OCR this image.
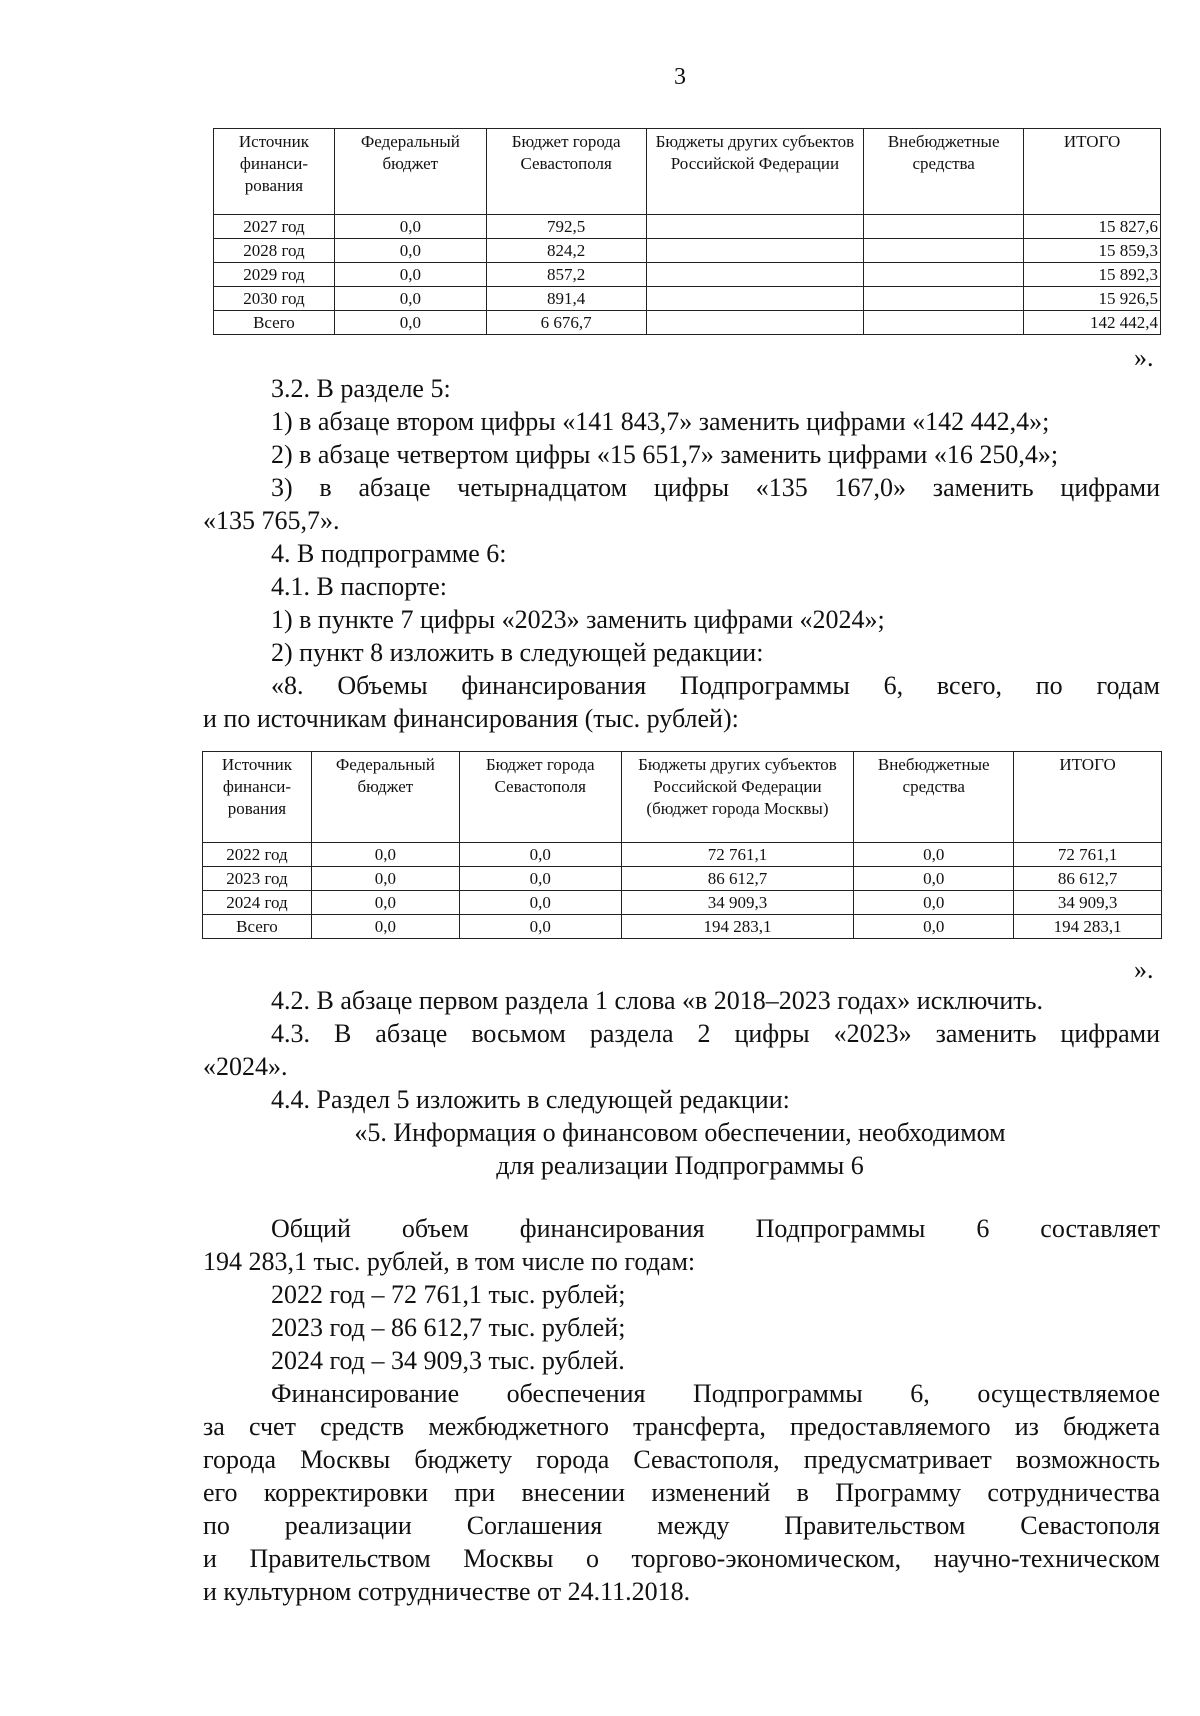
3
Источник финанси-рования	Федеральный бюджет	Бюджет города Севастополя	Бюджеты других субъектов Российской Федерации	Внебюджетные средства	ИТОГО
2027 год	0,0	792,5			15 827,6
2028 год	0,0	824,2			15 859,3
2029 год	0,0	857,2			15 892,3
2030 год	0,0	891,4			15 926,5
Всего	0,0	6 676,7			142 442,4
».
3.2. В разделе 5:
1) в абзаце втором цифры «141 843,7» заменить цифрами «142 442,4»;
2) в абзаце четвертом цифры «15 651,7» заменить цифрами «16 250,4»;
3) в абзаце четырнадцатом цифры «135 167,0» заменить цифрами
«135 765,7».
4. В подпрограмме 6:
4.1. В паспорте:
1) в пункте 7 цифры «2023» заменить цифрами «2024»;
2) пункт 8 изложить в следующей редакции:
«8. Объемы финансирования Подпрограммы 6, всего, по годам
и по источникам финансирования (тыс. рублей):
Источник финанси-рования	Федеральный бюджет	Бюджет города Севастополя	Бюджеты других субъектов Российской Федерации (бюджет города Москвы)	Внебюджетные средства	ИТОГО
2022 год	0,0	0,0	72 761,1	0,0	72 761,1
2023 год	0,0	0,0	86 612,7	0,0	86 612,7
2024 год	0,0	0,0	34 909,3	0,0	34 909,3
Всего	0,0	0,0	194 283,1	0,0	194 283,1
».
4.2. В абзаце первом раздела 1 слова «в 2018–2023 годах» исключить.
4.3. В абзаце восьмом раздела 2 цифры «2023» заменить цифрами
«2024».
4.4. Раздел 5 изложить в следующей редакции:
«5. Информация о финансовом обеспечении, необходимом
для реализации Подпрограммы 6
Общий объем финансирования Подпрограммы 6 составляет
194 283,1 тыс. рублей, в том числе по годам:
2022 год – 72 761,1 тыс. рублей;
2023 год – 86 612,7 тыс. рублей;
2024 год – 34 909,3 тыс. рублей.
Финансирование обеспечения Подпрограммы 6, осуществляемое
за счет средств межбюджетного трансферта, предоставляемого из бюджета
города Москвы бюджету города Севастополя, предусматривает возможность
его корректировки при внесении изменений в Программу сотрудничества
по реализации Соглашения между Правительством Севастополя
и Правительством Москвы о торгово-экономическом, научно-техническом
и культурном сотрудничестве от 24.11.2018.
